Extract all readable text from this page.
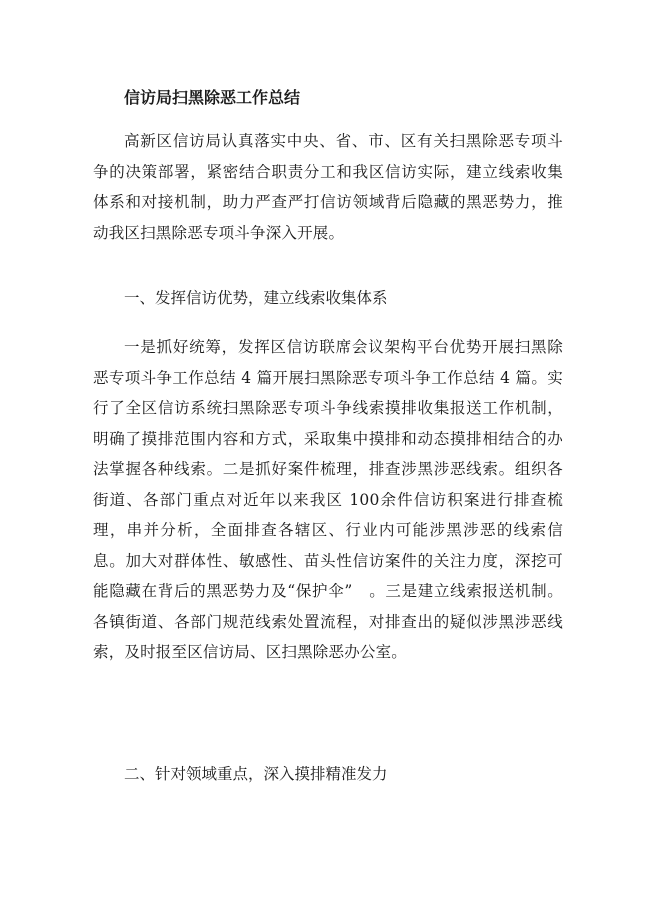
信访局扫黑除恶工作总结
高新区信访局认真落实中央、省、市、区有关扫黑除恶专项斗争的决策部署，紧密结合职责分工和我区信访实际，建立线索收集体系和对接机制，助力严查严打信访领域背后隐藏的黑恶势力，推动我区扫黑除恶专项斗争深入开展。
一、发挥信访优势，建立线索收集体系
一是抓好统筹，发挥区信访联席会议架构平台优势开展扫黑除恶专项斗争工作总结 4 篇开展扫黑除恶专项斗争工作总结 4 篇。实行了全区信访系统扫黑除恶专项斗争线索摸排收集报送工作机制，明确了摸排范围内容和方式，采取集中摸排和动态摸排相结合的办法掌握各种线索。二是抓好案件梳理，排查涉黑涉恶线索。组织各街道、各部门重点对近年以来我区 100余件信访积案进行排查梳理，串并分析，全面排查各辖区、行业内可能涉黑涉恶的线索信息。加大对群体性、敏感性、苗头性信访案件的关注力度，深挖可能隐藏在背后的黑恶势力及“保护伞”　。三是建立线索报送机制。各镇街道、各部门规范线索处置流程，对排查出的疑似涉黑涉恶线索，及时报至区信访局、区扫黑除恶办公室。
二、针对领域重点，深入摸排精准发力
